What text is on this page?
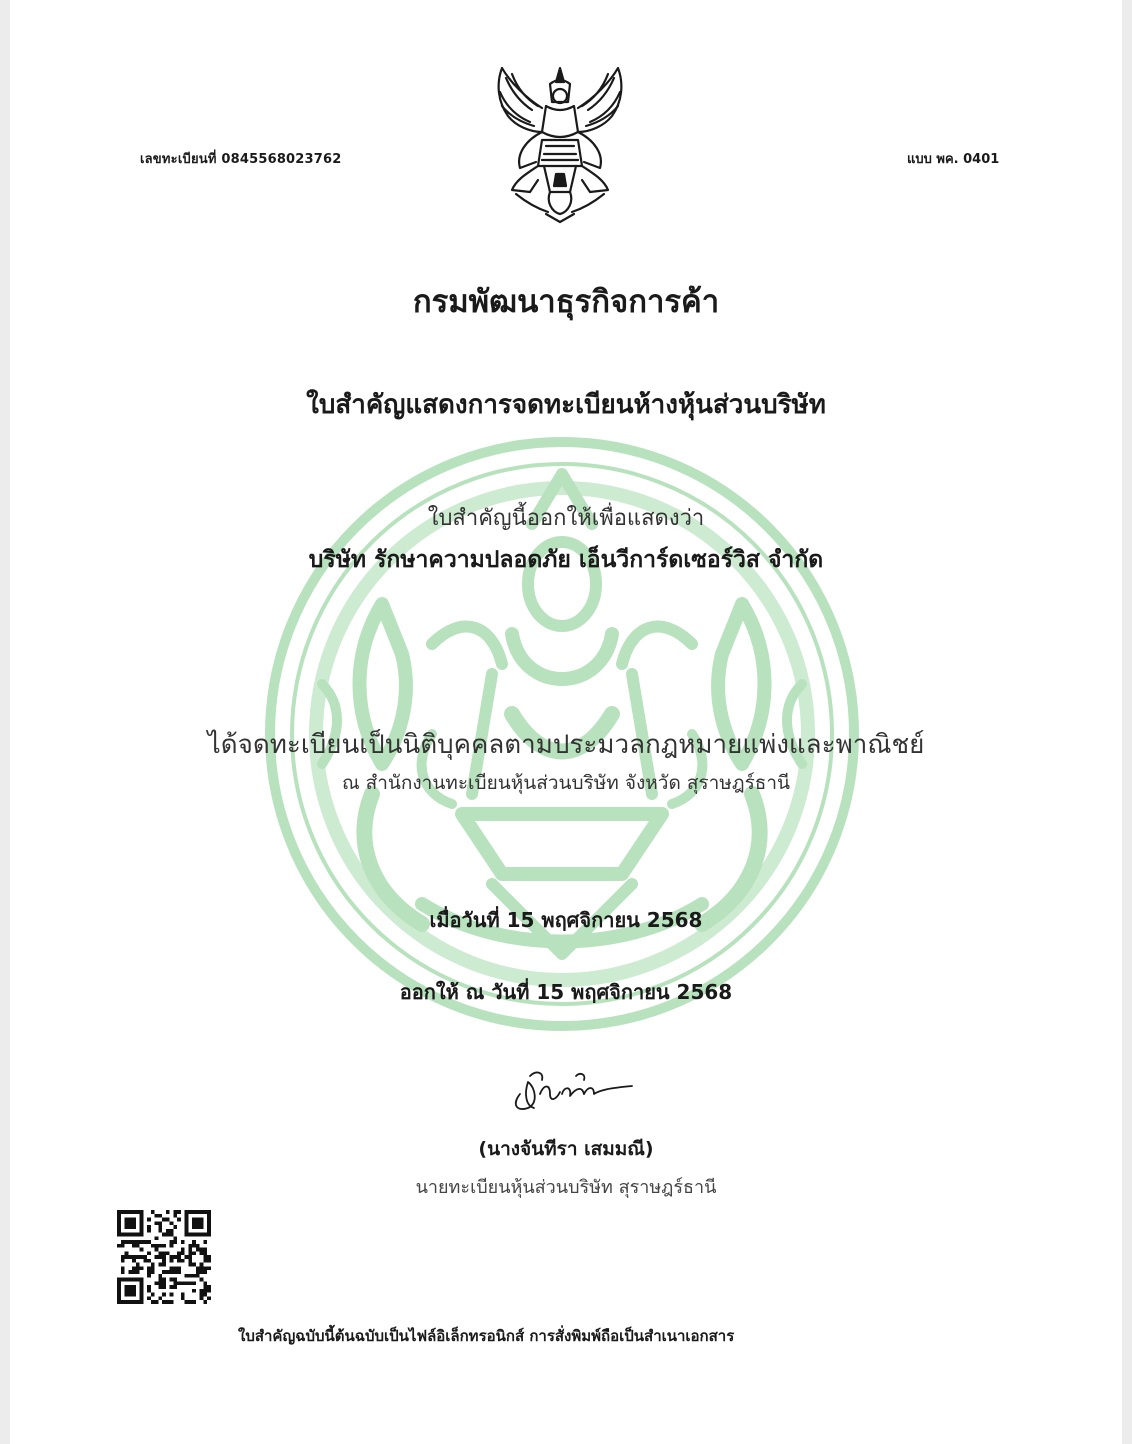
เลขทะเบียนที่ 0845568023762	แบบ พค. 0401
กรมพัฒนาธุรกิจการค้า
ใบสำคัญแสดงการจดทะเบียนห้างหุ้นส่วนบริษัท
ใบสำคัญนี้ออกให้เพื่อแสดงว่า
บริษัท รักษาความปลอดภัย เอ็นวีการ์ดเซอร์วิส จำกัด
ได้จดทะเบียนเป็นนิติบุคคลตามประมวลกฎหมายแพ่งและพาณิชย์
ณ สำนักงานทะเบียนหุ้นส่วนบริษัท จังหวัด สุราษฎร์ธานี
เมื่อวันที่ 15 พฤศจิกายน 2568
ออกให้ ณ วันที่ 15 พฤศจิกายน 2568
(นางจันทีรา เสมมณี)
นายทะเบียนหุ้นส่วนบริษัท สุราษฎร์ธานี
ใบสำคัญฉบับนี้ต้นฉบับเป็นไฟล์อิเล็กทรอนิกส์ การสั่งพิมพ์ถือเป็นสำเนาเอกสาร
